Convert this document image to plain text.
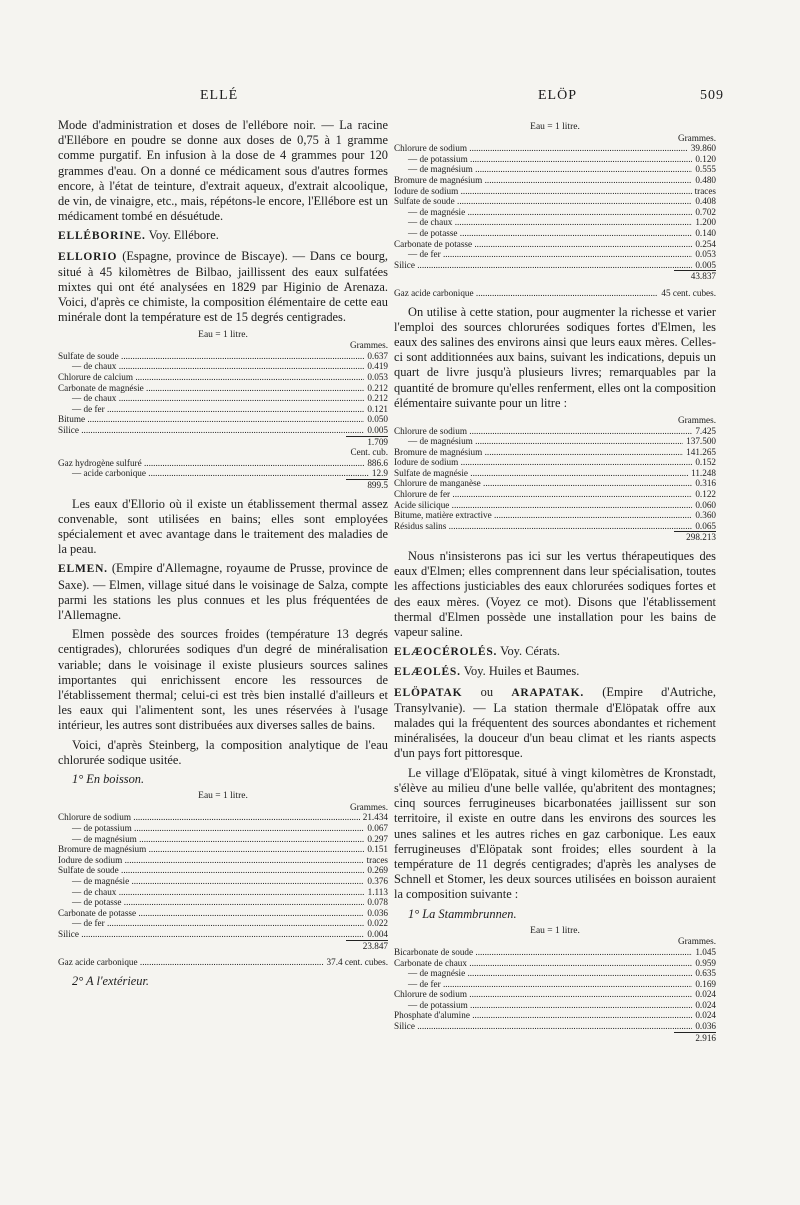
ELLÉ	ELÖP	509

Mode d'administration et doses de l'ellébore noir. — La racine d'Ellébore en poudre se donne aux doses de 0,75 à 1 gramme comme purgatif. En infusion à la dose de 4 grammes pour 120 grammes d'eau. On a donné ce médicament sous d'autres formes encore, à l'état de teinture, d'extrait aqueux, d'extrait alcoolique, de vin, de vinaigre, etc., mais, répétons-le encore, l'Ellébore est un médicament tombé en désuétude.

ELLÉBORINE. Voy. Ellébore.

ELLORIO (Espagne, province de Biscaye). — Dans ce bourg, situé à 45 kilomètres de Bilbao, jaillissent des eaux sulfatées mixtes qui ont été analysées en 1829 par Higinio de Arenaza. Voici, d'après ce chimiste, la composition élémentaire de cette eau minérale dont la température est de 15 degrés centigrades.

Eau = 1 litre.
Grammes.
Sulfate de soude .....	0.637
— de chaux .....	0.419
Chlorure de calcium .....	0.053
Carbonate de magnésie .....	0.212
— de chaux .....	0.212
— de fer .....	0.121
Bitume .....	0.050
Silice .....	0.005
1.709
Cent. cub.
Gaz hydrogène sulfuré .....	886.6
— acide carbonique .....	12.9
899.5

Les eaux d'Ellorio où il existe un établissement thermal assez convenable, sont utilisées en bains; elles sont employées spécialement et avec avantage dans le traitement des maladies de la peau.

ELMEN. (Empire d'Allemagne, royaume de Prusse, province de Saxe). — Elmen, village situé dans le voisinage de Salza, compte parmi les stations les plus connues et les plus fréquentées de l'Allemagne.

Elmen possède des sources froides (température 13 degrés centigrades), chlorurées sodiques d'un degré de minéralisation variable; dans le voisinage il existe plusieurs sources salines importantes qui enrichissent encore les ressources de l'établissement thermal; celui-ci est très bien installé d'ailleurs et les eaux qui l'alimentent sont, les unes réservées à l'usage intérieur, les autres sont distribuées aux diverses salles de bains.

Voici, d'après Steinberg, la composition analytique de l'eau chlorurée sodique usitée.

1° En boisson.

Eau = 1 litre.
Grammes.
Chlorure de sodium .....	21.434
— de potassium .....	0.067
— de magnésium .....	0.297
Bromure de magnésium .....	0.151
Iodure de sodium .....	traces
Sulfate de soude .....	0.269
— de magnésie .....	0.376
— de chaux .....	1.113
— de potasse .....	0.078
Carbonate de potasse .....	0.036
— de fer .....	0.022
Silice .....	0.004
23.847
Gaz acide carbonique .....	37.4 cent. cubes.

2° A l'extérieur.

Eau = 1 litre.
Grammes.
Chlorure de sodium .....	39.860
— de potassium .....	0.120
— de magnésium .....	0.555
Bromure de magnésium .....	0.480
Iodure de sodium .....	traces
Sulfate de soude .....	0.408
— de magnésie .....	0.702
— de chaux .....	1.200
— de potasse .....	0.140
Carbonate de potasse .....	0.254
— de fer .....	0.053
Silice .....	0.005
43.837
Gaz acide carbonique .....	45 cent. cubes.

On utilise à cette station, pour augmenter la richesse et varier l'emploi des sources chlorurées sodiques fortes d'Elmen, les eaux des salines des environs ainsi que leurs eaux mères. Celles-ci sont additionnées aux bains, suivant les indications, depuis un quart de livre jusqu'à plusieurs livres; remarquables par la quantité de bromure qu'elles renferment, elles ont la composition élémentaire suivante pour un litre :

Grammes.
Chlorure de sodium .....	7.425
— de magnésium .....	137.500
Bromure de magnésium .....	141.265
Iodure de sodium .....	0.152
Sulfate de magnésie .....	11.248
Chlorure de manganèse .....	0.316
Chlorure de fer .....	0.122
Acide silicique .....	0.060
Bitume, matière extractive .....	0.360
Résidus salins .....	0.065
298.213

Nous n'insisterons pas ici sur les vertus thérapeutiques des eaux d'Elmen; elles comprennent dans leur spécialisation, toutes les affections justiciables des eaux chlorurées sodiques fortes et des eaux mères. (Voyez ce mot). Disons que l'établissement thermal d'Elmen possède une installation pour les bains de vapeur saline.

ELÆOCÉROLÉS. Voy. Cérats.

ELÆOLÉS. Voy. Huiles et Baumes.

ELÖPATAK ou ARAPATAK. (Empire d'Autriche, Transylvanie). — La station thermale d'Elöpatak offre aux malades qui la fréquentent des sources abondantes et richement minéralisées, la douceur d'un beau climat et les riants aspects d'un pays fort pittoresque.

Le village d'Elöpatak, situé à vingt kilomètres de Kronstadt, s'élève au milieu d'une belle vallée, qu'abritent des montagnes; cinq sources ferrugineuses bicarbonatées jaillissent sur son territoire, il existe en outre dans les environs des sources les unes salines et les autres riches en gaz carbonique. Les eaux ferrugineuses d'Elöpatak sont froides; elles sourdent à la température de 11 degrés centigrades; d'après les analyses de Schnell et Stomer, les deux sources utilisées en boisson auraient la composition suivante :

1° La Stammbrunnen.

Eau = 1 litre.
Grammes.
Bicarbonate de soude .....	1.045
Carbonate de chaux .....	0.959
— de magnésie .....	0.635
— de fer .....	0.169
Chlorure de sodium .....	0.024
— de potassium .....	0.024
Phosphate d'alumine .....	0.024
Silice .....	0.036
2.916
